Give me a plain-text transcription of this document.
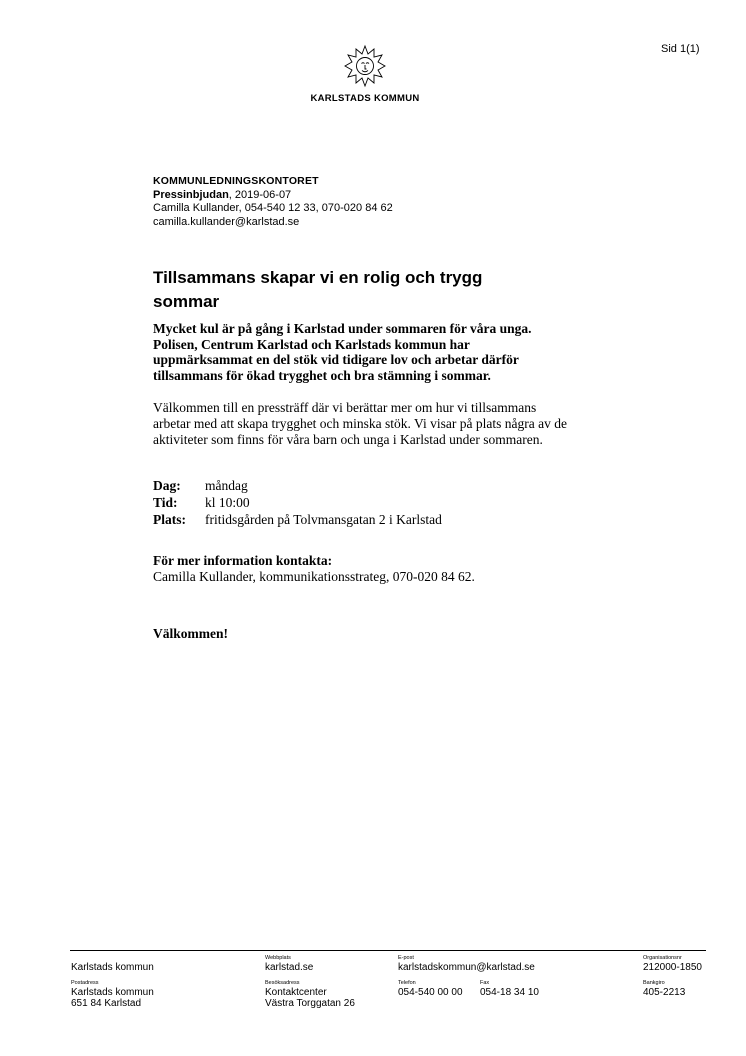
Sid 1(1)
KARLSTADS KOMMUN
KOMMUNLEDNINGSKONTORET
Pressinbjudan, 2019-06-07
Camilla Kullander, 054-540 12 33, 070-020 84 62
camilla.kullander@karlstad.se
Tillsammans skapar vi en rolig och trygg
sommar
Mycket kul är på gång i Karlstad under sommaren för våra unga.
Polisen, Centrum Karlstad och Karlstads kommun har
uppmärksammat en del stök vid tidigare lov och arbetar därför
tillsammans för ökad trygghet och bra stämning i sommar.
Välkommen till en pressträff där vi berättar mer om hur vi tillsammans
arbetar med att skapa trygghet och minska stök. Vi visar på plats några av de
aktiviteter som finns för våra barn och unga i Karlstad under sommaren.
Dag:	måndag
Tid:	kl 10:00
Plats:	fritidsgården på Tolvmansgatan 2 i Karlstad
För mer information kontakta:
Camilla Kullander, kommunikationsstrateg, 070-020 84 62.
Välkommen!
Karlstads kommun
Webbplats
karlstad.se
E-post
karlstadskommun@karlstad.se
Organisationsnr
212000-1850
Postadress
Karlstads kommun
651 84 Karlstad
Besöksadress
Kontaktcenter
Västra Torggatan 26
Telefon
054-540 00 00
Fax
054-18 34 10
Bankgiro
405-2213
